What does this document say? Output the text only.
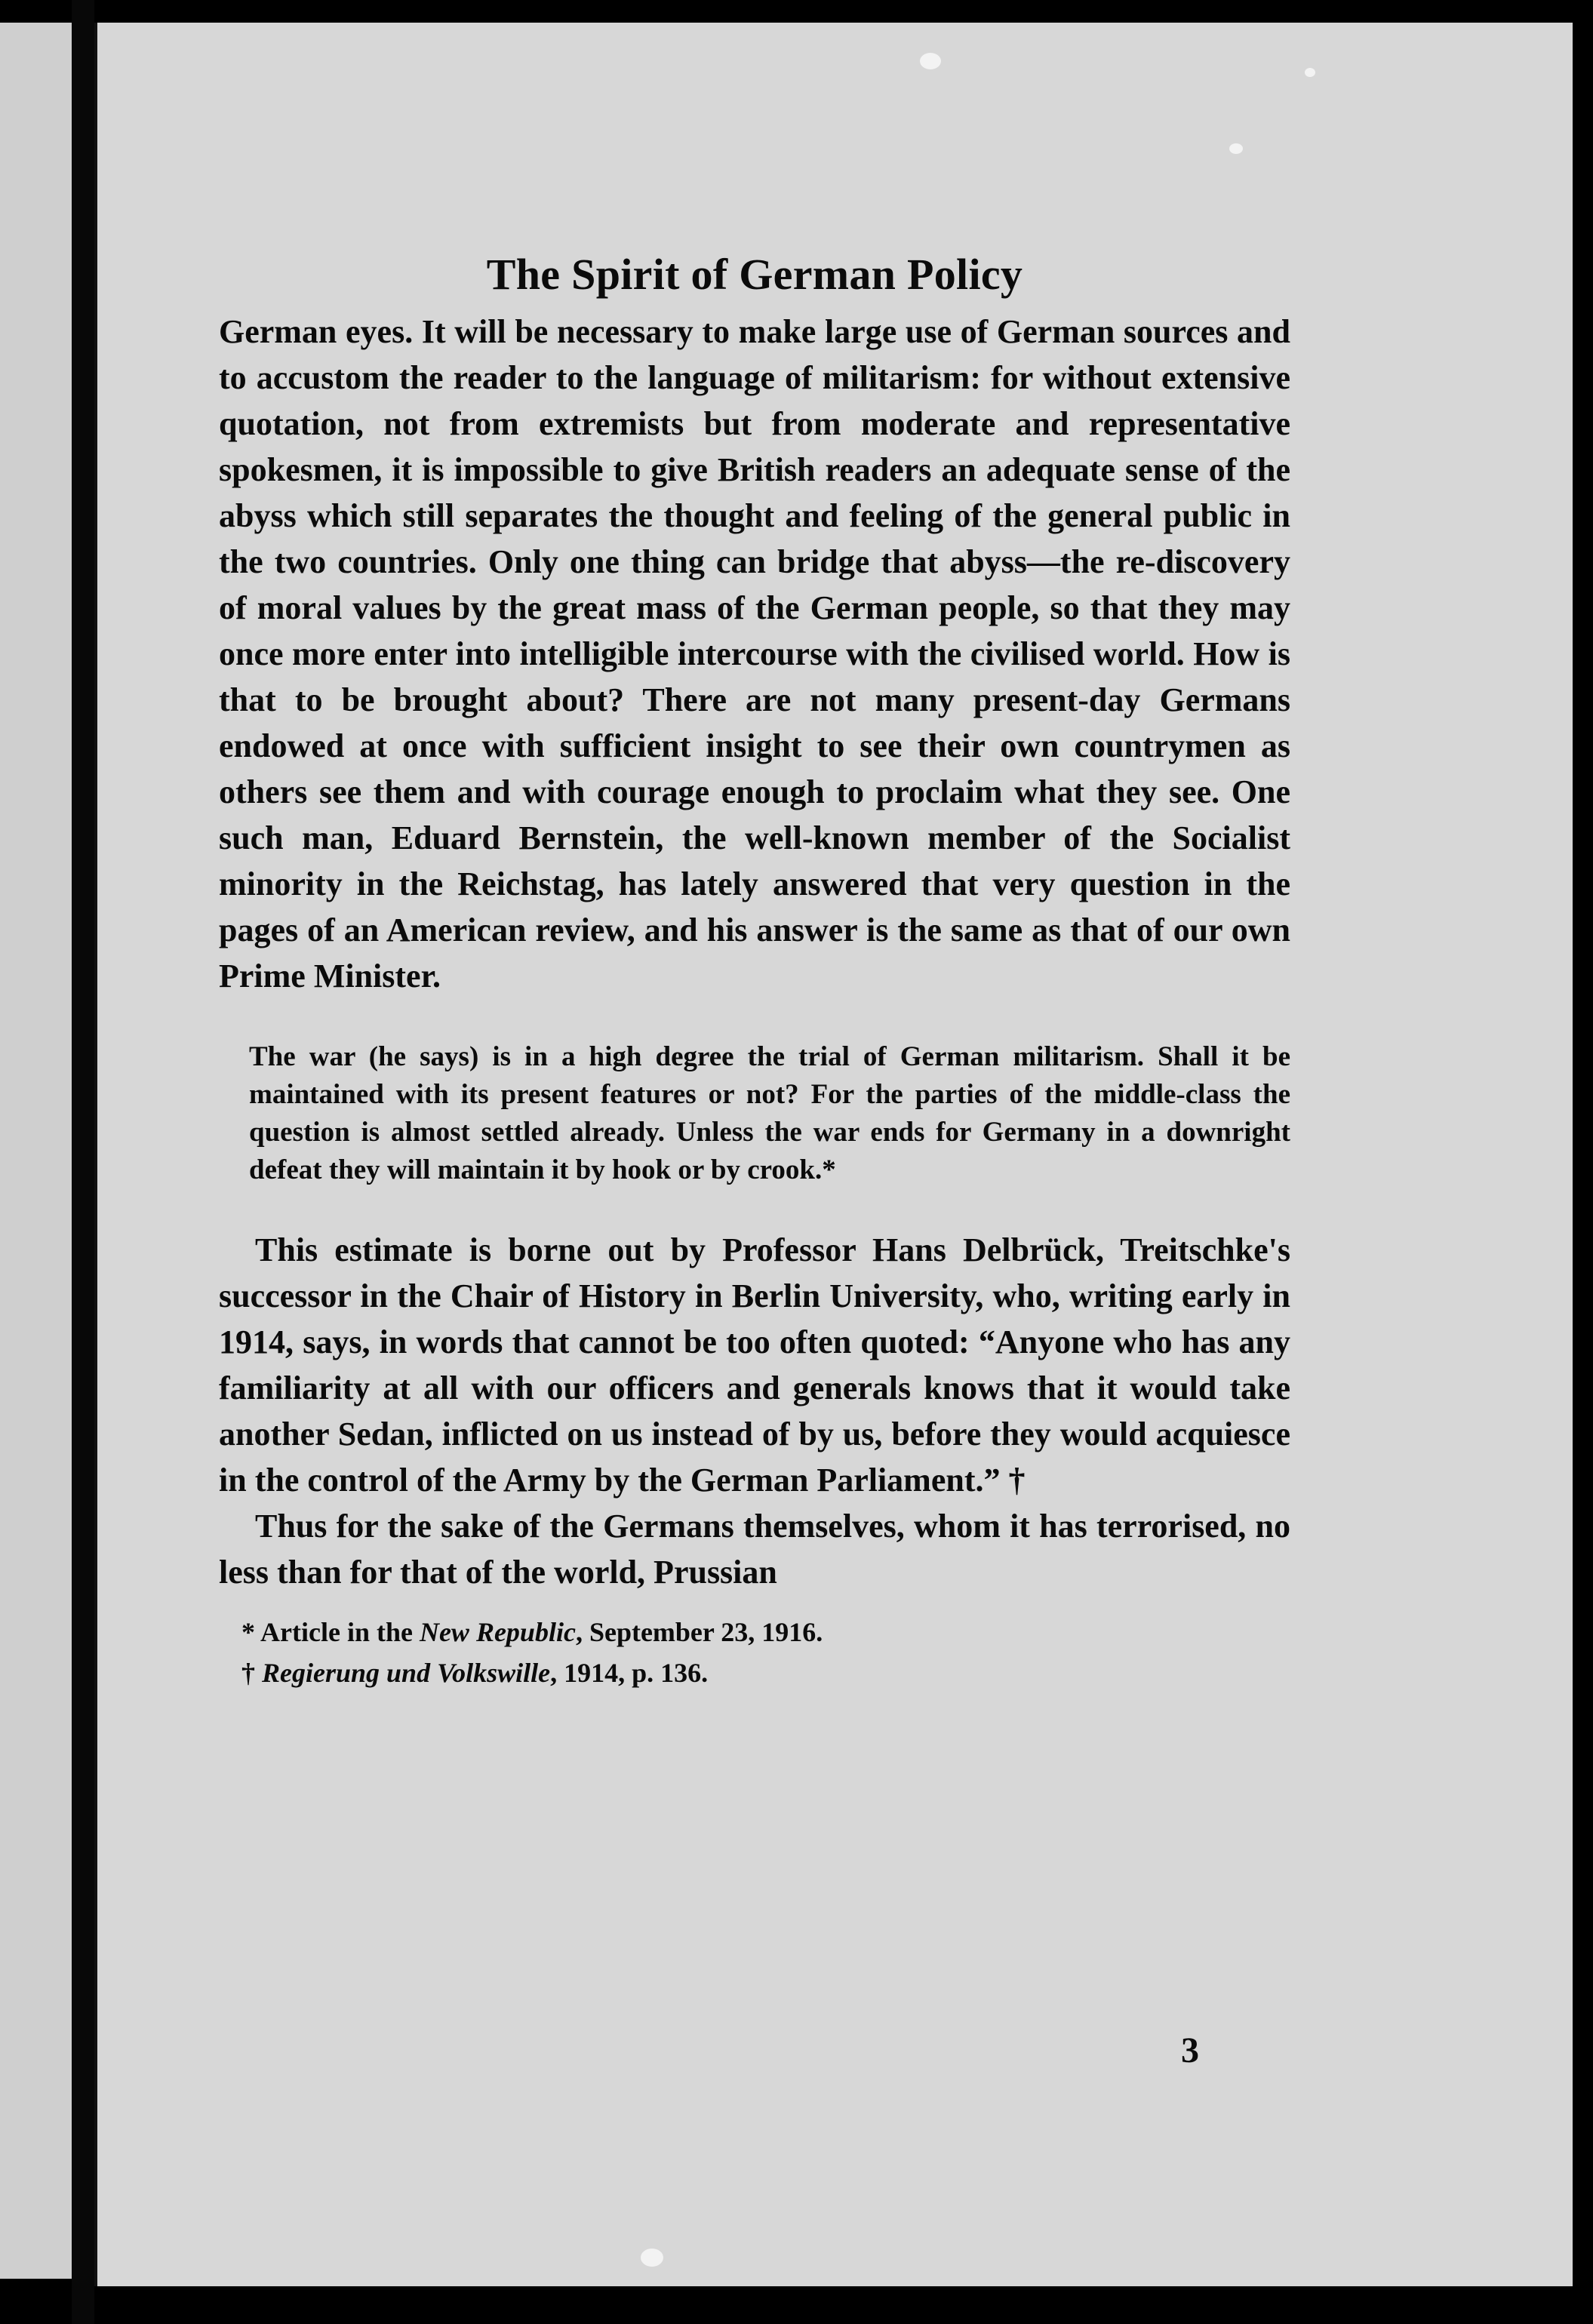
The Spirit of German Policy

German eyes. It will be necessary to make large use of German sources and to accustom the reader to the language of militarism: for without extensive quotation, not from extremists but from moderate and representative spokesmen, it is impossible to give British readers an adequate sense of the abyss which still separates the thought and feeling of the general public in the two countries. Only one thing can bridge that abyss—the re-discovery of moral values by the great mass of the German people, so that they may once more enter into intelligible intercourse with the civilised world. How is that to be brought about? There are not many present-day Germans endowed at once with sufficient insight to see their own countrymen as others see them and with courage enough to proclaim what they see. One such man, Eduard Bernstein, the well-known member of the Socialist minority in the Reichstag, has lately answered that very question in the pages of an American review, and his answer is the same as that of our own Prime Minister.

The war (he says) is in a high degree the trial of German militarism. Shall it be maintained with its present features or not? For the parties of the middle-class the question is almost settled already. Unless the war ends for Germany in a downright defeat they will maintain it by hook or by crook.*

This estimate is borne out by Professor Hans Delbrück, Treitschke's successor in the Chair of History in Berlin University, who, writing early in 1914, says, in words that cannot be too often quoted: “Anyone who has any familiarity at all with our officers and generals knows that it would take another Sedan, inflicted on us instead of by us, before they would acquiesce in the control of the Army by the German Parliament.” †

Thus for the sake of the Germans themselves, whom it has terrorised, no less than for that of the world, Prussian

* Article in the New Republic, September 23, 1916.
† Regierung und Volkswille, 1914, p. 136.
3
